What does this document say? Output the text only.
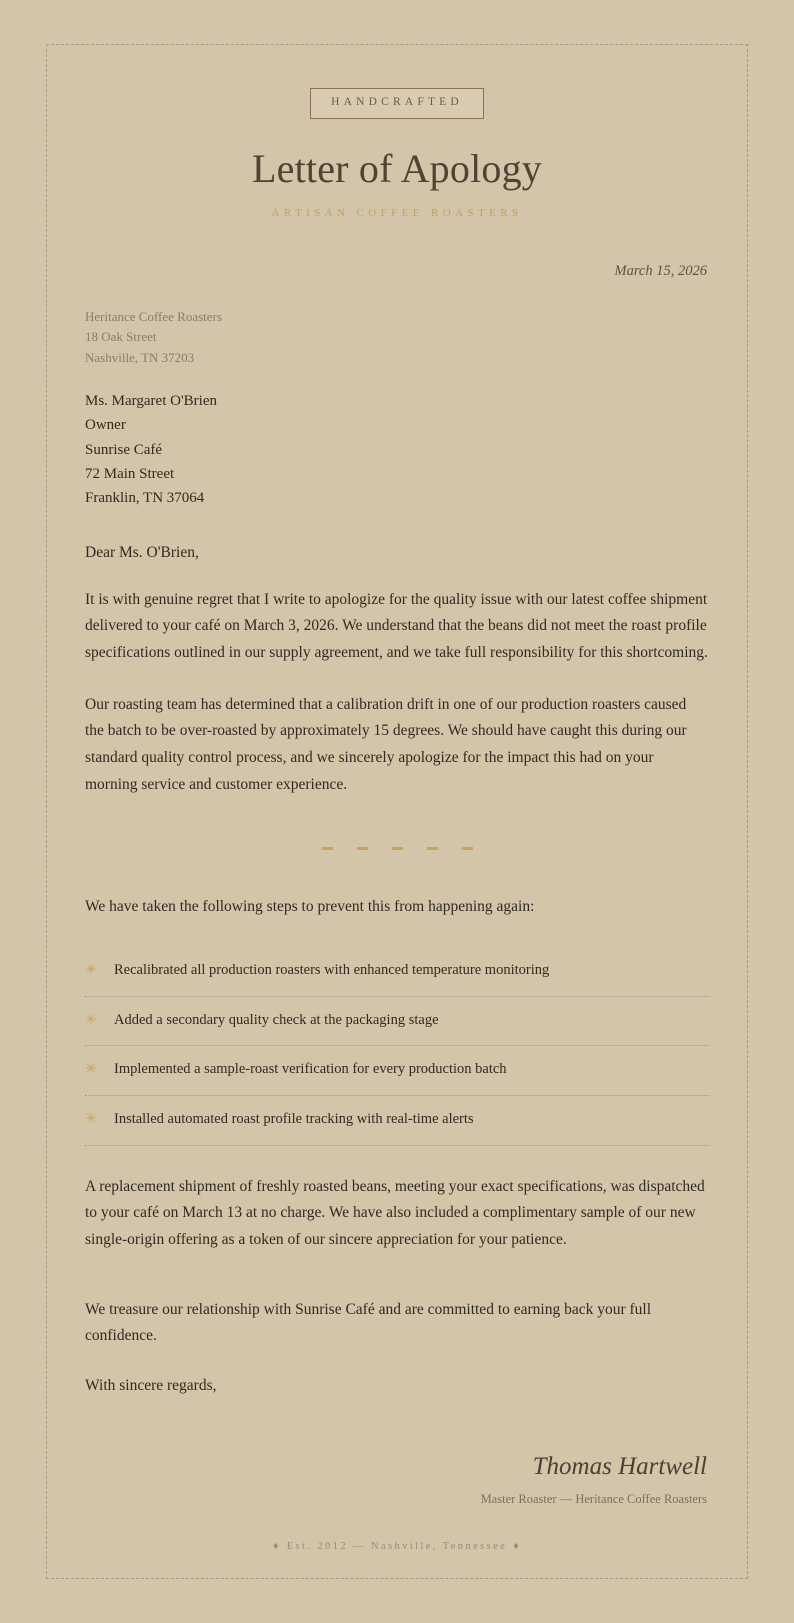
HANDCRAFTED
Letter of Apology
ARTISAN COFFEE ROASTERS
March 15, 2026
Heritance Coffee Roasters
18 Oak Street
Nashville, TN 37203
Ms. Margaret O'Brien
Owner
Sunrise Café
72 Main Street
Franklin, TN 37064
Dear Ms. O'Brien,

It is with genuine regret that I write to apologize for the quality issue with our latest coffee shipment delivered to your café on March 3, 2026. We understand that the beans did not meet the roast profile specifications outlined in our supply agreement, and we take full responsibility for this shortcoming.

Our roasting team has determined that a calibration drift in one of our production roasters caused the batch to be over-roasted by approximately 15 degrees. We should have caught this during our standard quality control process, and we sincerely apologize for the impact this had on your morning service and customer experience.

We have taken the following steps to prevent this from happening again:
✳	Recalibrated all production roasters with enhanced temperature monitoring
✳	Added a secondary quality check at the packaging stage
✳	Implemented a sample-roast verification for every production batch
✳	Installed automated roast profile tracking with real-time alerts

A replacement shipment of freshly roasted beans, meeting your exact specifications, was dispatched to your café on March 13 at no charge. We have also included a complimentary sample of our new single-origin offering as a token of our sincere appreciation for your patience.

We treasure our relationship with Sunrise Café and are committed to earning back your full confidence.

With sincere regards,

Thomas Hartwell
Master Roaster — Heritance Coffee Roasters
♦ Est. 2012 — Nashville, Tennessee ♦
